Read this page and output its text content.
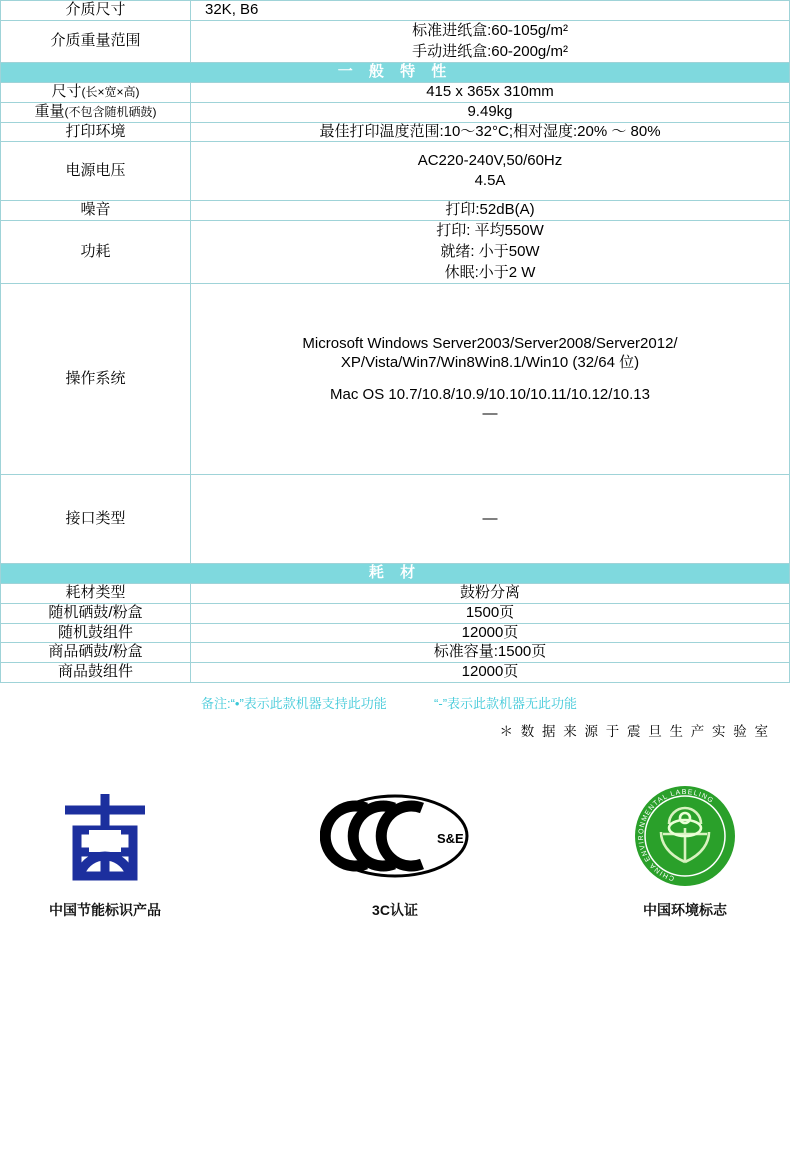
介质尺寸	32K, B6
介质重量范围	标准进纸盒:60-105g/m²
手动进纸盒:60-200g/m²

一 般 特 性	
尺寸(长×宽×高)	415 x 365x 310mm
重量(不包含随机硒鼓)	9.49kg
打印环境	最佳打印温度范围:10～32°C;相对湿度:20% ～ 80%
电源电压	AC220-240V,50/60Hz
4.5A

噪音	打印:52dB(A)
功耗	打印: 平均550W
就绪: 小于50W
休眠:小于2 W

操作系统	Microsoft Windows Server2003/Server2008/Server2012/
XP/Vista/Win7/Win8Win8.1/Win10 (32/64 位)
Mac OS 10.7/10.8/10.9/10.10/10.11/10.12/10.13
—

接口类型	—
耗 材	
耗材类型	鼓粉分离
随机硒鼓/粉盒	1500页
随机鼓组件	12000页
商品硒鼓/粉盒	标准容量:1500页
商品鼓组件	12000页
备注:“•”表示此款机器支持此功能	“-”表示此款机器无此功能
＊ 数 据 来 源 于 震 旦 生 产 实 验 室
中国节能标识产品
S&E
3C认证
CHINA ENVIRONMENTAL LABELING
中国环境标志
